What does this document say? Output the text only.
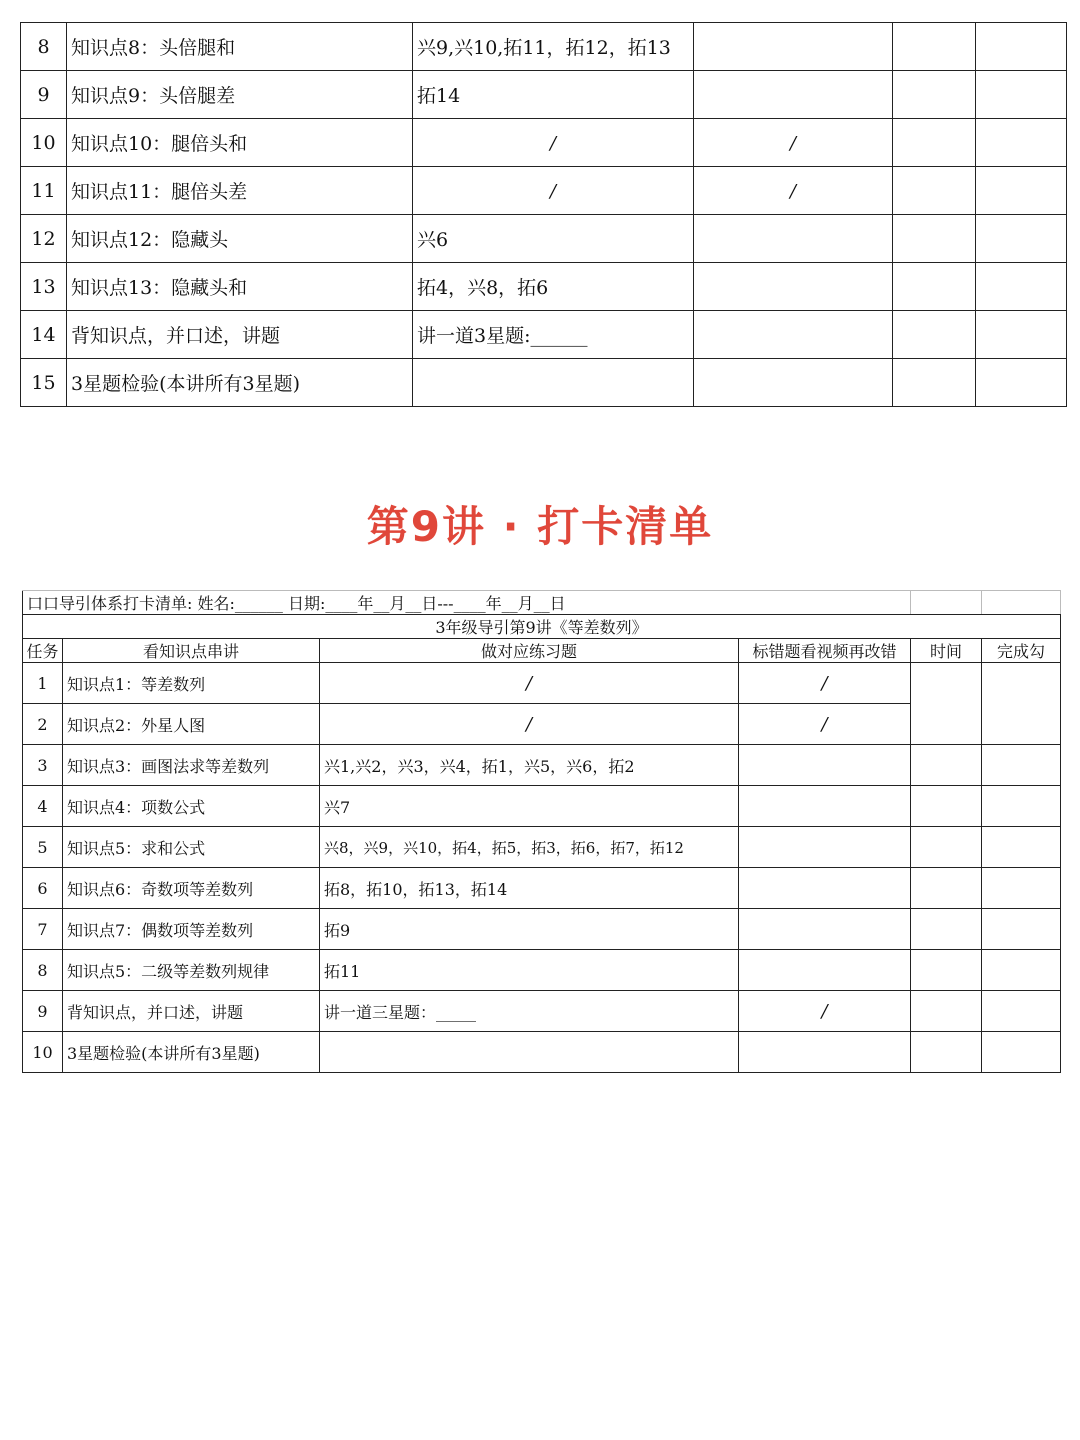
8	知识点8：头倍腿和	兴9,兴10,拓11，拓12，拓13			
9	知识点9：头倍腿差	拓14			
10	知识点10：腿倍头和	/	/		
11	知识点11：腿倍头差	/	/		
12	知识点12：隐藏头	兴6			
13	知识点13：隐藏头和	拓4，兴8，拓6			
14	背知识点，并口述，讲题	讲一道3星题:______			
15	3星题检验(本讲所有3星题)				
第9讲 · 打卡清单
口口导引体系打卡清单: 姓名:______ 日期:____年__月__日---____年__月__日					
3年级导引第9讲《等差数列》					
任务	看知识点串讲	做对应练习题	标错题看视频再改错	时间	完成勾
1	知识点1：等差数列	/	/		
2	知识点2：外星人图	/	/		
3	知识点3：画图法求等差数列	兴1,兴2，兴3，兴4，拓1，兴5，兴6，拓2			
4	知识点4：项数公式	兴7			
5	知识点5：求和公式	兴8，兴9，兴10，拓4，拓5，拓3，拓6，拓7，拓12			
6	知识点6：奇数项等差数列	拓8，拓10，拓13，拓14			
7	知识点7：偶数项等差数列	拓9			
8	知识点5：二级等差数列规律	拓11			
9	背知识点，并口述，讲题	讲一道三星题：_____	/		
10	3星题检验(本讲所有3星题)				
